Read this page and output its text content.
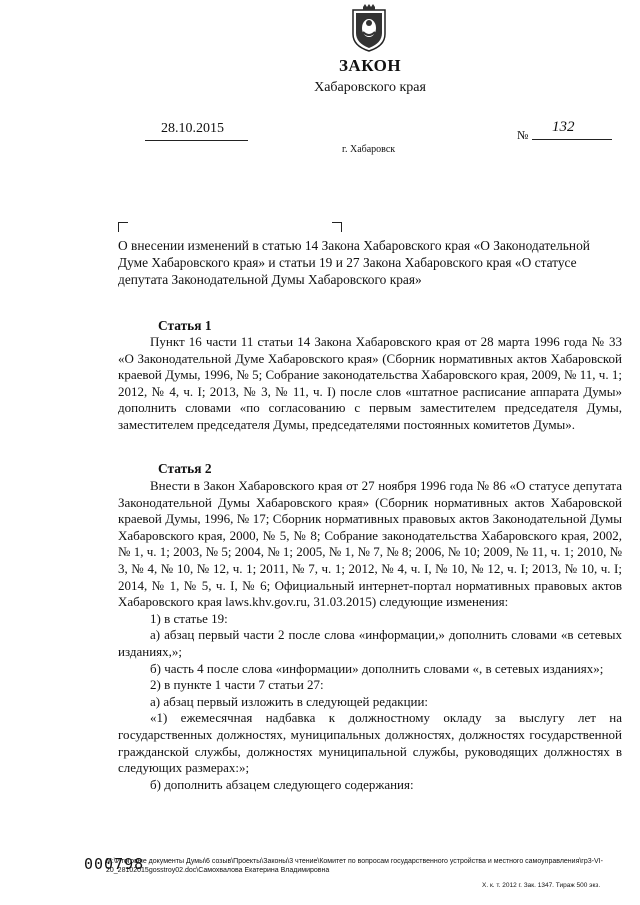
ЗАКОН
Хабаровского края
28.10.2015	№ 132
г. Хабаровск
О внесении изменений в статью 14 Закона Хабаровского края «О Законодательной Думе Хабаровского края» и статьи 19 и 27 Закона Хабаровского края «О статусе депутата Законодательной Думы Хабаровского края»
Статья 1

Пункт 16 части 11 статьи 14 Закона Хабаровского края от 28 марта 1996 года № 33 «О Законодательной Думе Хабаровского края» (Сборник нормативных актов Хабаровской краевой Думы, 1996, № 5; Собрание законодательства Хабаровского края, 2009, № 11, ч. 1; 2012, № 4, ч. I; 2013, № 3, № 11, ч. I) после слов «штатное расписание аппарата Думы» дополнить словами «по согласованию с первым заместителем председателя Думы, заместителем председателя Думы, председателями постоянных комитетов Думы».

Статья 2

Внести в Закон Хабаровского края от 27 ноября 1996 года № 86 «О статусе депутата Законодательной Думы Хабаровского края» (Сборник нормативных актов Хабаровской краевой Думы, 1996, № 17; Сборник нормативных правовых актов Законодательной Думы Хабаровского края, 2000, № 5, № 8; Собрание законодательства Хабаровского края, 2002, № 1, ч. 1; 2003, № 5; 2004, № 1; 2005, № 1, № 7, № 8; 2006, № 10; 2009, № 11, ч. 1; 2010, № 3, № 4, № 10, № 12, ч. 1; 2011, № 7, ч. 1; 2012, № 4, ч. I, № 10, № 12, ч. I; 2013, № 10, ч. I; 2014, № 1, № 5, ч. I, № 6; Официальный интернет-портал нормативных правовых актов Хабаровского края laws.khv.gov.ru, 31.03.2015) следующие изменения:

1) в статье 19:

а) абзац первый части 2 после слова «информации,» дополнить словами «в сетевых изданиях,»;

б) часть 4 после слова «информации» дополнить словами «, в сетевых изданиях»;

2) в пункте 1 части 7 статьи 27:

а) абзац первый изложить в следующей редакции:

«1) ежемесячная надбавка к должностному окладу за выслугу лет на государственных должностях, муниципальных должностях, должностях государственной гражданской службы, должностях муниципальной службы, руководящих должностях в следующих размерах:»;

б) дополнить абзацем следующего содержания:

000798
M:\Итоговые документы Думы\6 созыв\Проекты\Законы\3 чтение\Комитет по вопросам государственного устройства и местного самоуправления\гр3-VI-20_28102015gosstroy02.doc\Самохвалова Екатерина Владимировна
Х. к. т. 2012 г. Зак. 1347. Тираж 500 экз.
